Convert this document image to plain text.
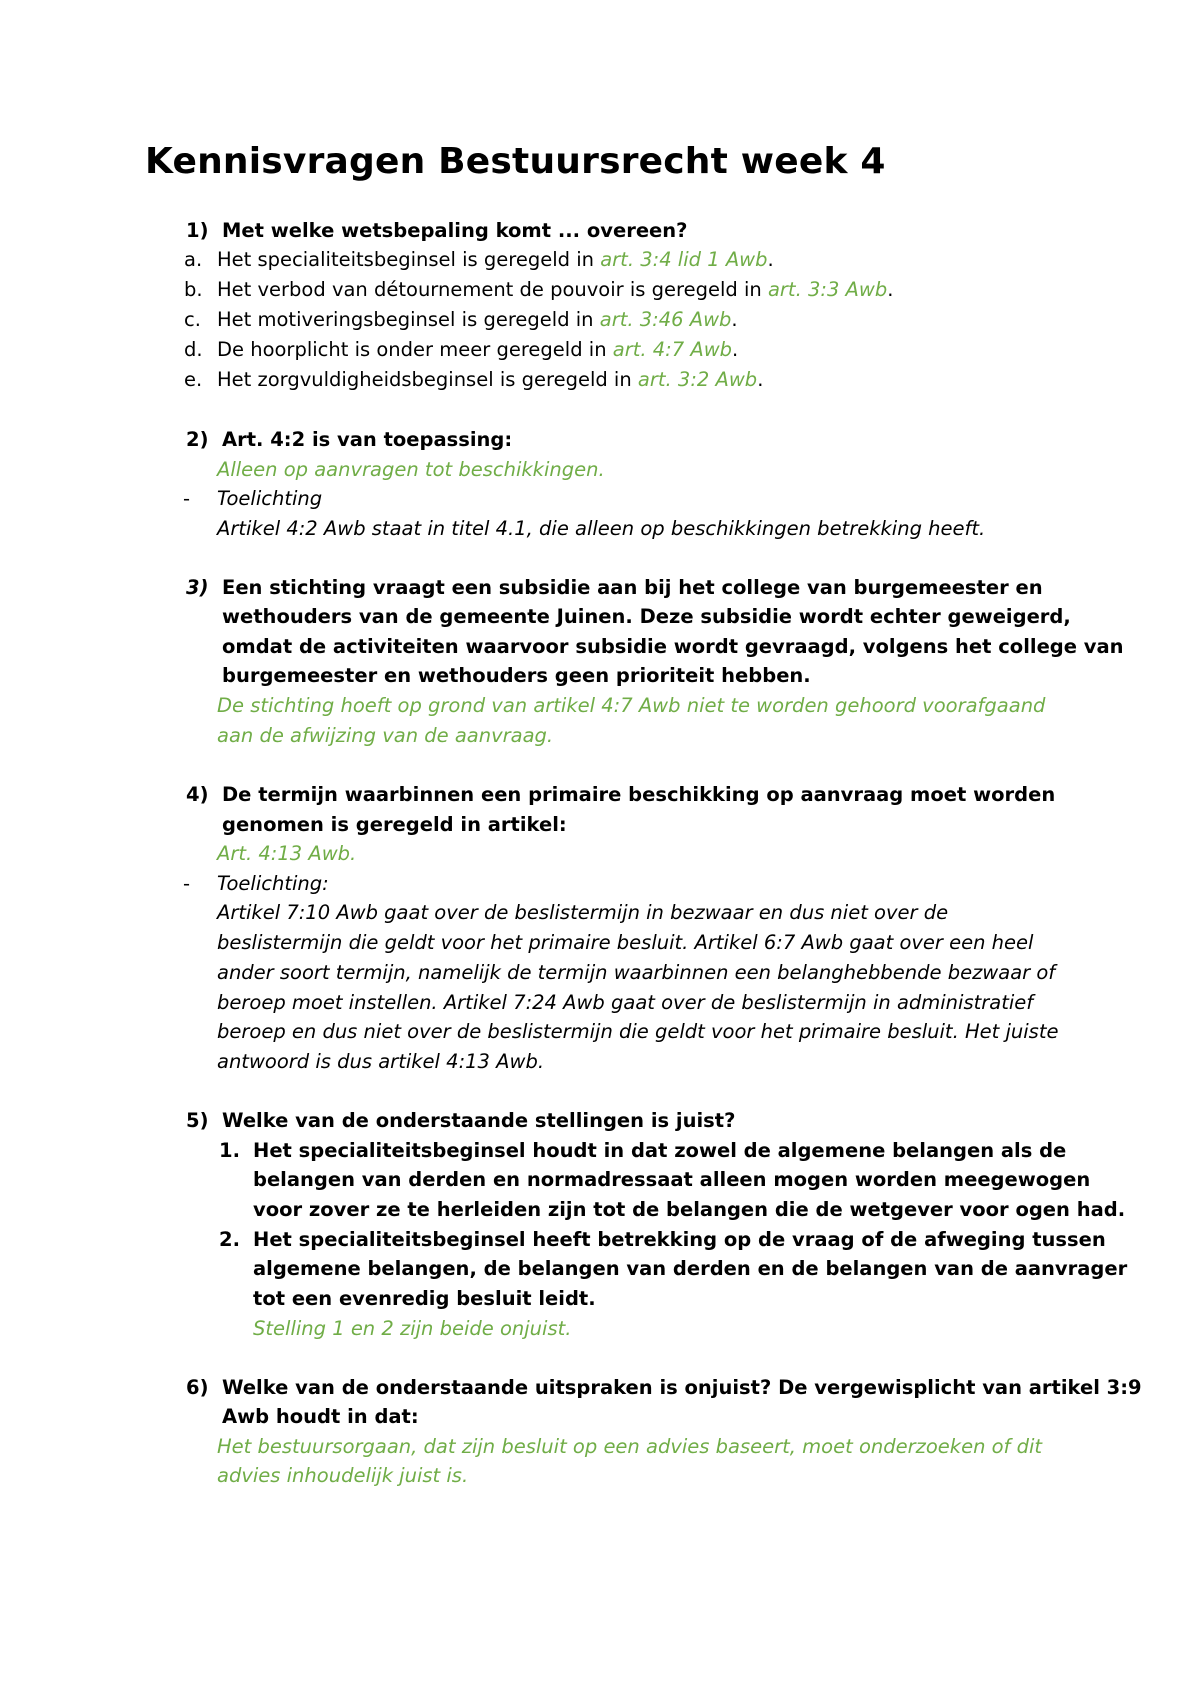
Kennisvragen Bestuursrecht week 4
1) Met welke wetsbepaling komt ... overeen?
a. Het specialiteitsbeginsel is geregeld in art. 3:4 lid 1 Awb.
b. Het verbod van détournement de pouvoir is geregeld in art. 3:3 Awb.
c. Het motiveringsbeginsel is geregeld in art. 3:46 Awb.
d. De hoorplicht is onder meer geregeld in art. 4:7 Awb.
e. Het zorgvuldigheidsbeginsel is geregeld in art. 3:2 Awb.
2) Art. 4:2 is van toepassing:
Alleen op aanvragen tot beschikkingen.
- Toelichting
Artikel 4:2 Awb staat in titel 4.1, die alleen op beschikkingen betrekking heeft.
3) Een stichting vraagt een subsidie aan bij het college van burgemeester en
wethouders van de gemeente Juinen. Deze subsidie wordt echter geweigerd,
omdat de activiteiten waarvoor subsidie wordt gevraagd, volgens het college van
burgemeester en wethouders geen prioriteit hebben.
De stichting hoeft op grond van artikel 4:7 Awb niet te worden gehoord voorafgaand
aan de afwijzing van de aanvraag.
4) De termijn waarbinnen een primaire beschikking op aanvraag moet worden
genomen is geregeld in artikel:
Art. 4:13 Awb.
- Toelichting:
Artikel 7:10 Awb gaat over de beslistermijn in bezwaar en dus niet over de
beslistermijn die geldt voor het primaire besluit. Artikel 6:7 Awb gaat over een heel
ander soort termijn, namelijk de termijn waarbinnen een belanghebbende bezwaar of
beroep moet instellen. Artikel 7:24 Awb gaat over de beslistermijn in administratief
beroep en dus niet over de beslistermijn die geldt voor het primaire besluit. Het juiste
antwoord is dus artikel 4:13 Awb.
5) Welke van de onderstaande stellingen is juist?
1. Het specialiteitsbeginsel houdt in dat zowel de algemene belangen als de
belangen van derden en normadressaat alleen mogen worden meegewogen
voor zover ze te herleiden zijn tot de belangen die de wetgever voor ogen had.
2. Het specialiteitsbeginsel heeft betrekking op de vraag of de afweging tussen
algemene belangen, de belangen van derden en de belangen van de aanvrager
tot een evenredig besluit leidt.
Stelling 1 en 2 zijn beide onjuist.
6) Welke van de onderstaande uitspraken is onjuist? De vergewisplicht van artikel 3:9
Awb houdt in dat:
Het bestuursorgaan, dat zijn besluit op een advies baseert, moet onderzoeken of dit
advies inhoudelijk juist is.
